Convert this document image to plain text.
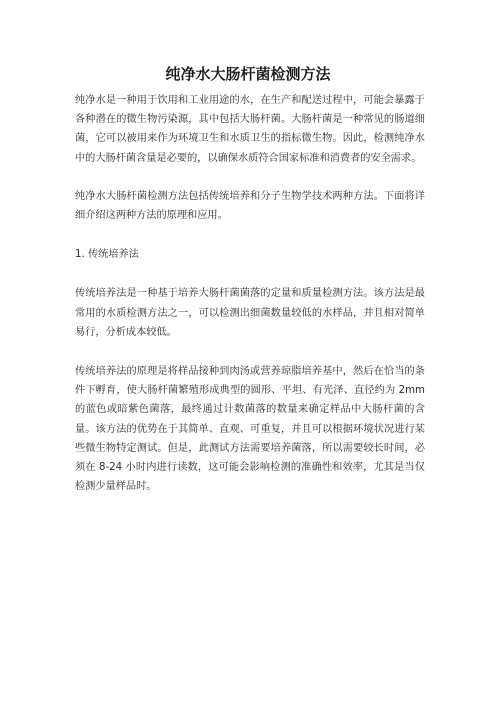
纯净水大肠杆菌检测方法

纯净水是一种用于饮用和工业用途的水，在生产和配送过程中，可能会暴露于各种潜在的微生物污染源，其中包括大肠杆菌。大肠杆菌是一种常见的肠道细菌，它可以被用来作为环境卫生和水质卫生的指标微生物。因此，检测纯净水中的大肠杆菌含量是必要的，以确保水质符合国家标准和消费者的安全需求。

纯净水大肠杆菌检测方法包括传统培养和分子生物学技术两种方法。下面将详细介绍这两种方法的原理和应用。

1. 传统培养法

传统培养法是一种基于培养大肠杆菌菌落的定量和质量检测方法。该方法是最常用的水质检测方法之一，可以检测出细菌数量较低的水样品，并且相对简单易行，分析成本较低。

传统培养法的原理是将样品接种到肉汤或营养琼脂培养基中，然后在恰当的条件下孵育，使大肠杆菌繁殖形成典型的圆形、平坦、有光泽、直径约为 2mm 的蓝色或暗紫色菌落，最终通过计数菌落的数量来确定样品中大肠杆菌的含量。该方法的优势在于其简单、直观、可重复，并且可以根据环境状况进行某些微生物特定测试。但是，此测试方法需要培养菌落，所以需要较长时间，必须在 8-24 小时内进行读数，这可能会影响检测的准确性和效率，尤其是当仅检测少量样品时。
